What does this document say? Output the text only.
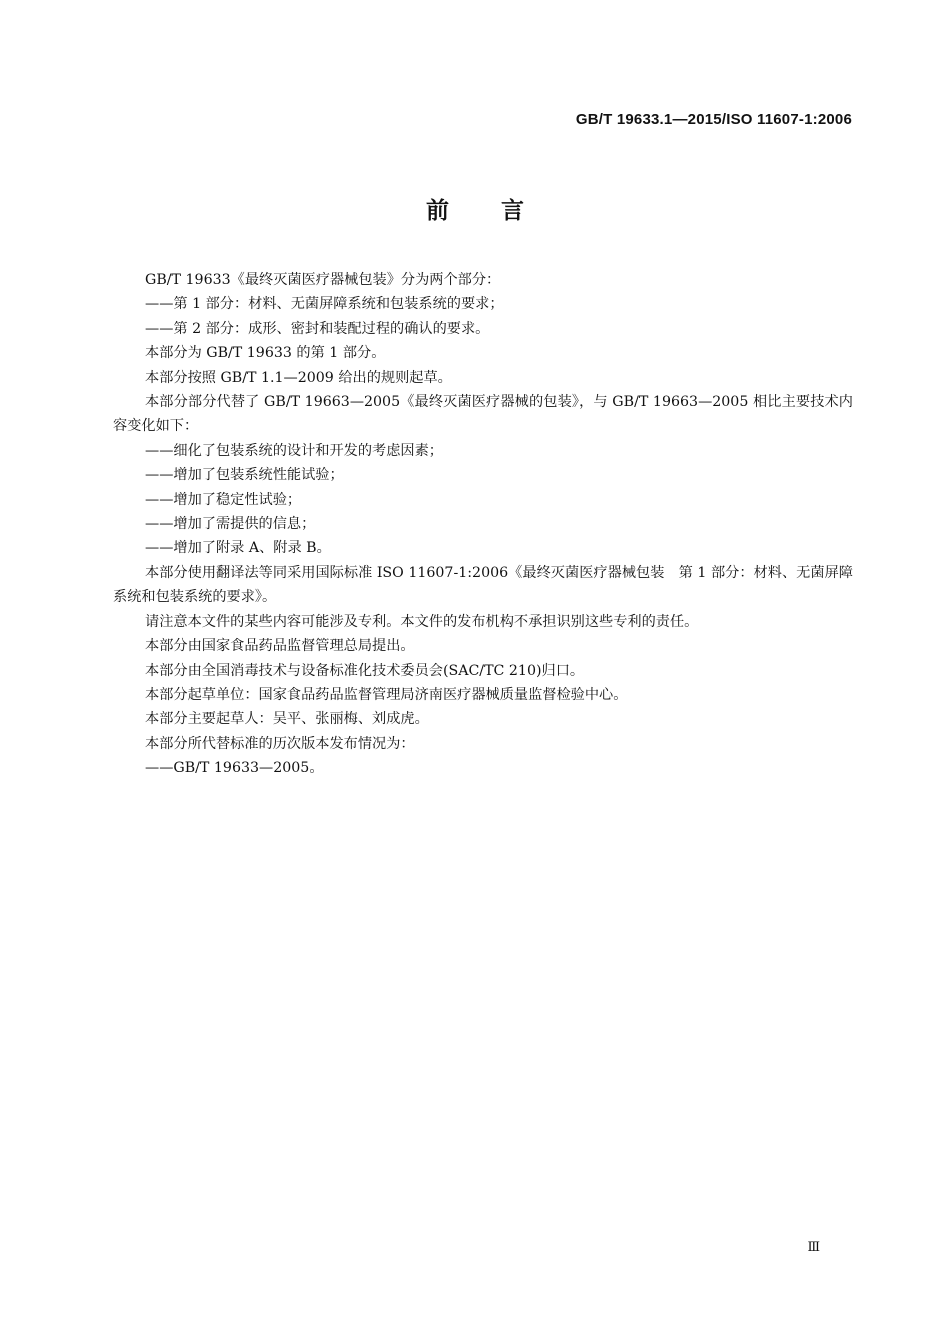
GB/T 19633.1—2015/ISO 11607-1:2006
前 言

GB/T 19633《最终灭菌医疗器械包装》分为两个部分：

——第 1 部分：材料、无菌屏障系统和包装系统的要求；

——第 2 部分：成形、密封和装配过程的确认的要求。

本部分为 GB/T 19633 的第 1 部分。

本部分按照 GB/T 1.1—2009 给出的规则起草。

本部分部分代替了 GB/T 19663—2005《最终灭菌医疗器械的包装》，与 GB/T 19663—2005 相比主要技术内容变化如下：

——细化了包装系统的设计和开发的考虑因素；

——增加了包装系统性能试验；

——增加了稳定性试验；

——增加了需提供的信息；

——增加了附录 A、附录 B。

本部分使用翻译法等同采用国际标准 ISO 11607-1:2006《最终灭菌医疗器械包装　第 1 部分：材料、无菌屏障系统和包装系统的要求》。

请注意本文件的某些内容可能涉及专利。本文件的发布机构不承担识别这些专利的责任。

本部分由国家食品药品监督管理总局提出。

本部分由全国消毒技术与设备标准化技术委员会(SAC/TC 210)归口。

本部分起草单位：国家食品药品监督管理局济南医疗器械质量监督检验中心。

本部分主要起草人：吴平、张丽梅、刘成虎。

本部分所代替标准的历次版本发布情况为：

——GB/T 19633—2005。

Ⅲ
